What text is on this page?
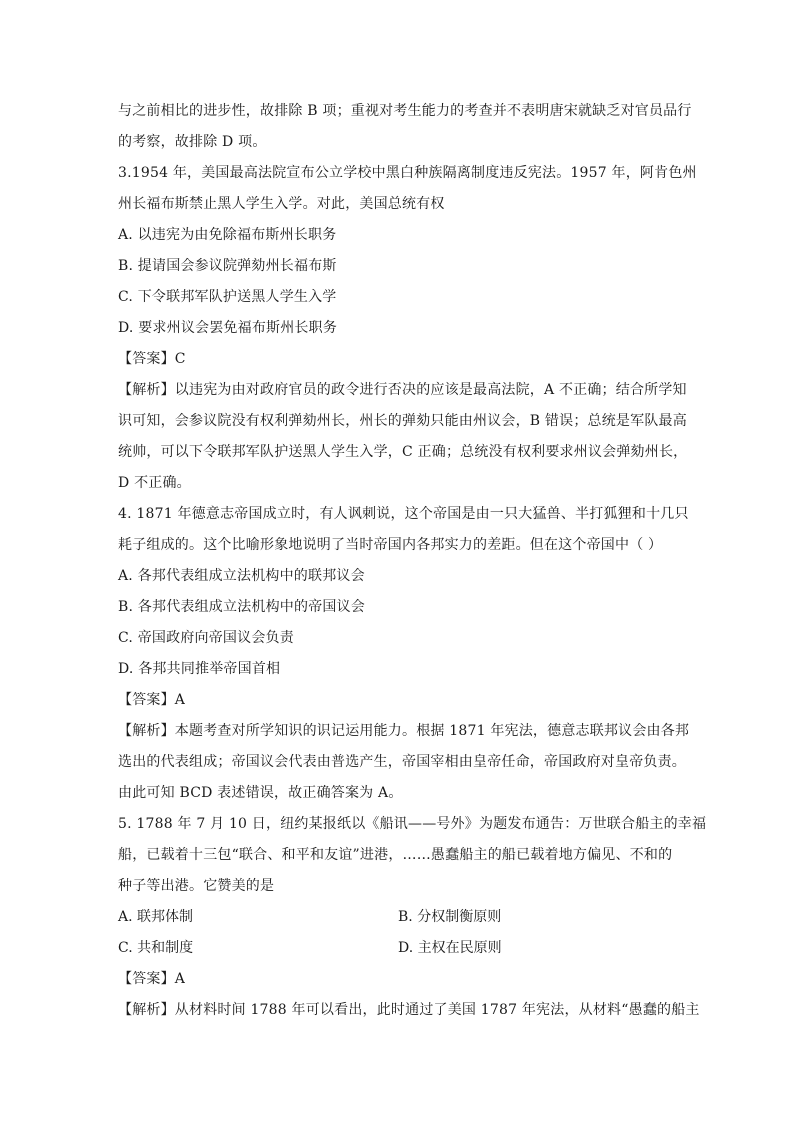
与之前相比的进步性，故排除 B 项；重视对考生能力的考查并不表明唐宋就缺乏对官员品行
的考察，故排除 D 项。
3.1954 年，美国最高法院宣布公立学校中黑白种族隔离制度违反宪法。1957 年，阿肯色州
州长福布斯禁止黑人学生入学。对此，美国总统有权
A. 以违宪为由免除福布斯州长职务
B. 提请国会参议院弹劾州长福布斯
C. 下令联邦军队护送黑人学生入学
D. 要求州议会罢免福布斯州长职务
【答案】C
【解析】以违宪为由对政府官员的政令进行否决的应该是最高法院，A 不正确；结合所学知
识可知，会参议院没有权利弹劾州长，州长的弹劾只能由州议会，B 错误；总统是军队最高
统帅，可以下令联邦军队护送黑人学生入学，C 正确；总统没有权利要求州议会弹劾州长，
D 不正确。
4. 1871 年德意志帝国成立时，有人讽刺说，这个帝国是由一只大猛兽、半打狐狸和十几只
耗子组成的。这个比喻形象地说明了当时帝国内各邦实力的差距。但在这个帝国中（ ）
A. 各邦代表组成立法机构中的联邦议会
B. 各邦代表组成立法机构中的帝国议会
C. 帝国政府向帝国议会负责
D. 各邦共同推举帝国首相
【答案】A
【解析】本题考查对所学知识的识记运用能力。根据 1871 年宪法，德意志联邦议会由各邦
选出的代表组成；帝国议会代表由普选产生，帝国宰相由皇帝任命，帝国政府对皇帝负责。
由此可知 BCD 表述错误，故正确答案为 A。
5. 1788 年 7 月 10 日，纽约某报纸以《船讯——号外》为题发布通告：万世联合船主的幸福
船，已载着十三包“联合、和平和友谊”进港，……愚蠢船主的船已载着地方偏见、不和的
种子等出港。它赞美的是
A. 联邦体制	B. 分权制衡原则
C. 共和制度	D. 主权在民原则
【答案】A
【解析】从材料时间 1788 年可以看出，此时通过了美国 1787 年宪法，从材料“愚蠢的船主
